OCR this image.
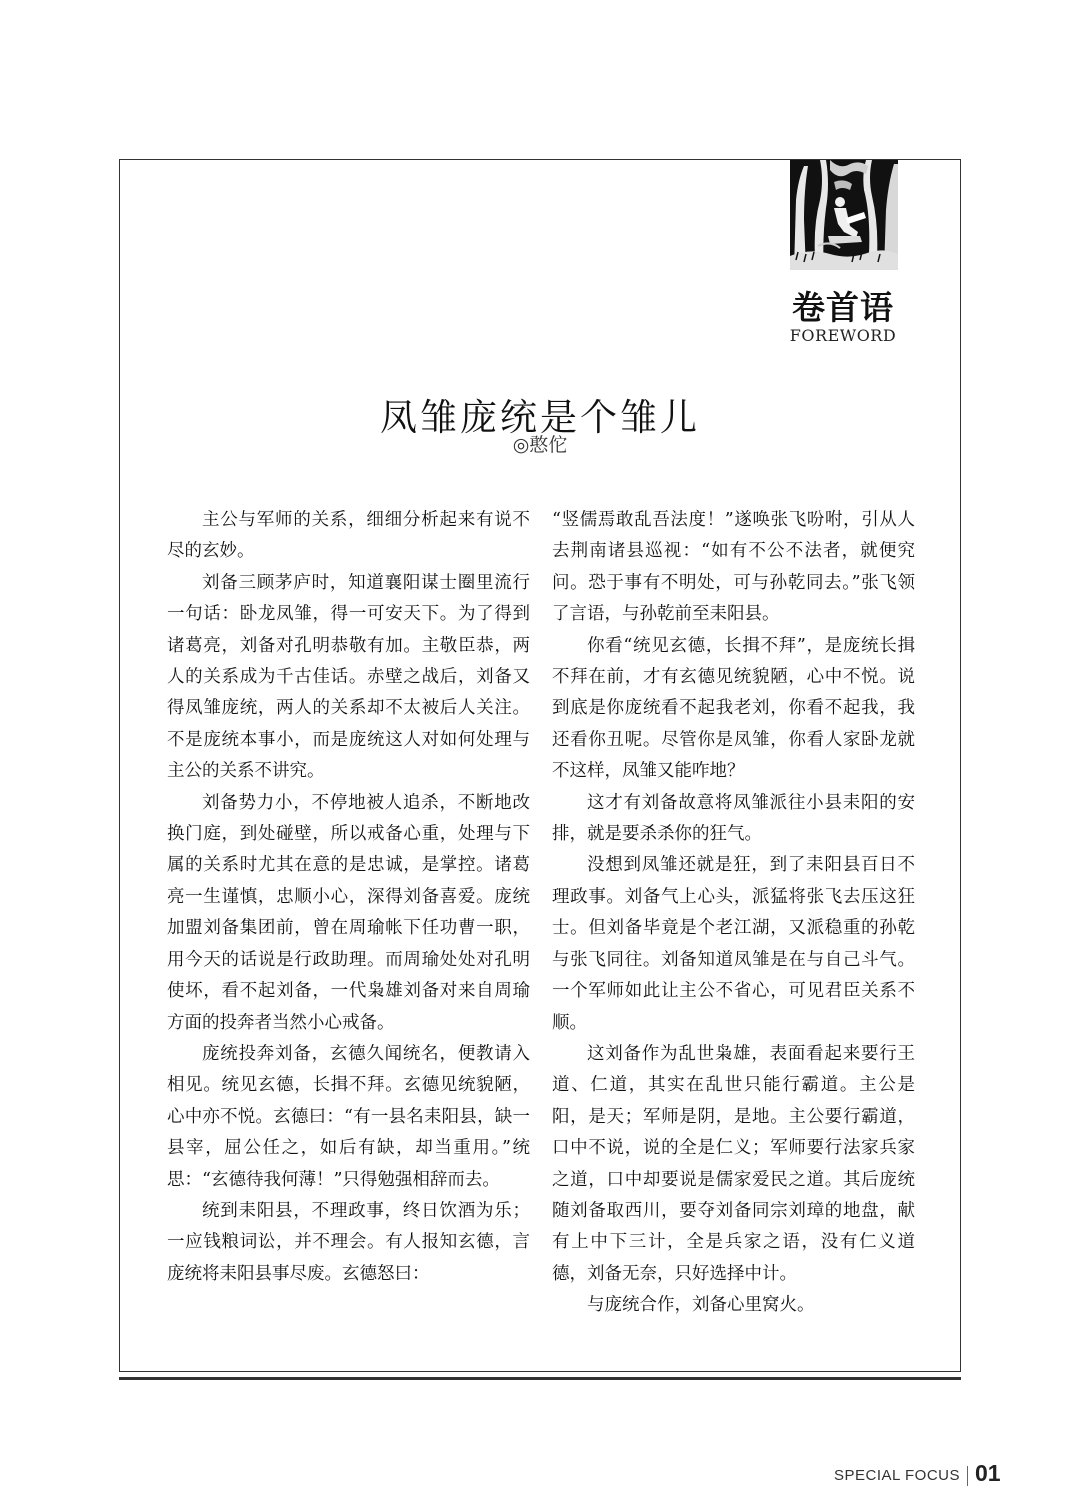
卷首语
FOREWORD
凤雏庞统是个雏儿
◎憨佗

主公与军师的关系，细细分析起来有说不尽的玄妙。

刘备三顾茅庐时，知道襄阳谋士圈里流行一句话：卧龙凤雏，得一可安天下。为了得到诸葛亮，刘备对孔明恭敬有加。主敬臣恭，两人的关系成为千古佳话。赤壁之战后，刘备又得凤雏庞统，两人的关系却不太被后人关注。不是庞统本事小，而是庞统这人对如何处理与主公的关系不讲究。

刘备势力小，不停地被人追杀，不断地改换门庭，到处碰壁，所以戒备心重，处理与下属的关系时尤其在意的是忠诚，是掌控。诸葛亮一生谨慎，忠顺小心，深得刘备喜爱。庞统加盟刘备集团前，曾在周瑜帐下任功曹一职，用今天的话说是行政助理。而周瑜处处对孔明使坏，看不起刘备，一代枭雄刘备对来自周瑜方面的投奔者当然小心戒备。

庞统投奔刘备，玄德久闻统名，便教请入相见。统见玄德，长揖不拜。玄德见统貌陋，心中亦不悦。玄德曰：“有一县名耒阳县，缺一县宰，屈公任之，如后有缺，却当重用。”统思：“玄德待我何薄！”只得勉强相辞而去。

统到耒阳县，不理政事，终日饮酒为乐；一应钱粮词讼，并不理会。有人报知玄德，言庞统将耒阳县事尽废。玄德怒曰：

“竖儒焉敢乱吾法度！”遂唤张飞吩咐，引从人去荆南诸县巡视：“如有不公不法者，就便究问。恐于事有不明处，可与孙乾同去。”张飞领了言语，与孙乾前至耒阳县。

你看“统见玄德，长揖不拜”，是庞统长揖不拜在前，才有玄德见统貌陋，心中不悦。说到底是你庞统看不起我老刘，你看不起我，我还看你丑呢。尽管你是凤雏，你看人家卧龙就不这样，凤雏又能咋地？

这才有刘备故意将凤雏派往小县耒阳的安排，就是要杀杀你的狂气。

没想到凤雏还就是狂，到了耒阳县百日不理政事。刘备气上心头，派猛将张飞去压这狂士。但刘备毕竟是个老江湖，又派稳重的孙乾与张飞同往。刘备知道凤雏是在与自己斗气。一个军师如此让主公不省心，可见君臣关系不顺。

这刘备作为乱世枭雄，表面看起来要行王道、仁道，其实在乱世只能行霸道。主公是阳，是天；军师是阴，是地。主公要行霸道，口中不说，说的全是仁义；军师要行法家兵家之道，口中却要说是儒家爱民之道。其后庞统随刘备取西川，要夺刘备同宗刘璋的地盘，献有上中下三计，全是兵家之语，没有仁义道德，刘备无奈，只好选择中计。

与庞统合作，刘备心里窝火。

SPECIAL FOCUS 01
